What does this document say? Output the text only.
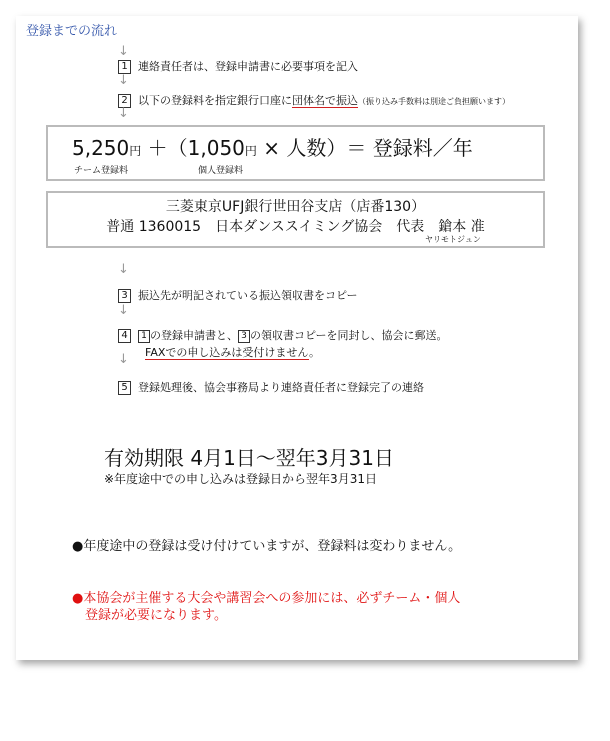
登録までの流れ
↓
1 連絡責任者は、登録申請書に必要事項を記入
↓
2 以下の登録料を指定銀行口座に団体名で振込（振り込み手数料は別途ご負担願います）
↓
5,250円 ＋（1,050円 × 人数）＝ 登録料／年
チーム登録料	個人登録料
三菱東京UFJ銀行世田谷支店（店番130）
普通 1360015　日本ダンススイミング協会　代表　鎗本 准
ヤリモトジュン
↓
3 振込先が明記されている振込領収書をコピー
↓
4 1 の登録申請書と、 3 の領収書コピーを同封し、協会に郵送。
FAXでの申し込みは受付けません。
↓
5 登録処理後、協会事務局より連絡責任者に登録完了の連絡
有効期限 4月1日～翌年3月31日
※年度途中での申し込みは登録日から翌年3月31日
●年度途中の登録は受け付けていますが、登録料は変わりません。
●本協会が主催する大会や講習会への参加には、必ずチーム・個人
　登録が必要になります。
